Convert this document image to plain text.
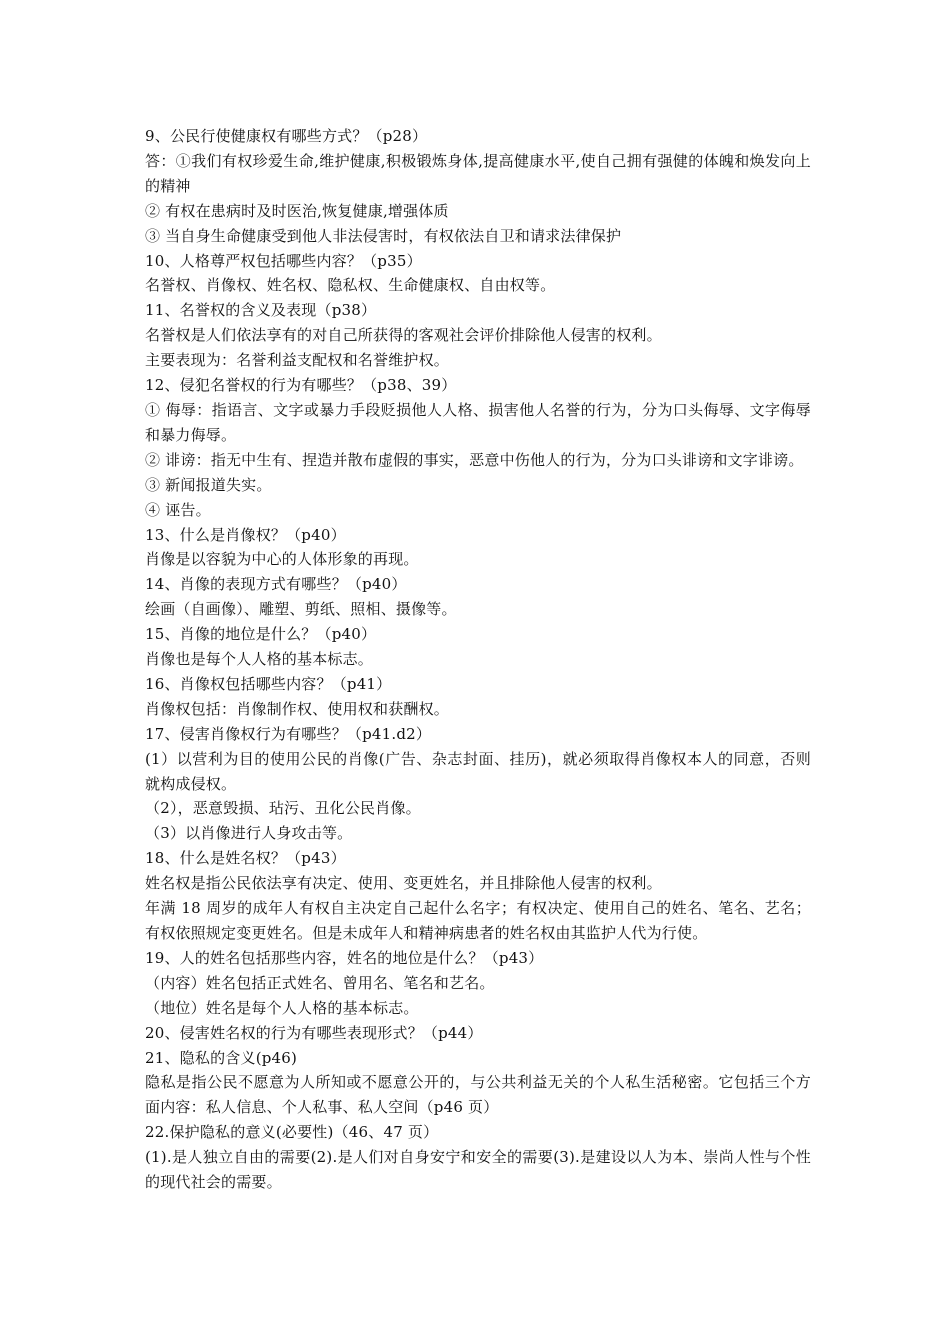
9、公民行使健康权有哪些方式？（p28）

答：①我们有权珍爱生命,维护健康,积极锻炼身体,提高健康水平,使自己拥有强健的体魄和焕发向上的精神

② 有权在患病时及时医治,恢复健康,增强体质

③ 当自身生命健康受到他人非法侵害时，有权依法自卫和请求法律保护

10、人格尊严权包括哪些内容？（p35）

名誉权、肖像权、姓名权、隐私权、生命健康权、自由权等。

11、名誉权的含义及表现（p38）

名誉权是人们依法享有的对自己所获得的客观社会评价排除他人侵害的权利。

主要表现为：名誉利益支配权和名誉维护权。

12、侵犯名誉权的行为有哪些？（p38、39）

① 侮辱：指语言、文字或暴力手段贬损他人人格、损害他人名誉的行为，分为口头侮辱、文字侮辱和暴力侮辱。

② 诽谤：指无中生有、捏造并散布虚假的事实，恶意中伤他人的行为，分为口头诽谤和文字诽谤。

③ 新闻报道失实。

④ 诬告。

13、什么是肖像权？（p40）

肖像是以容貌为中心的人体形象的再现。

14、肖像的表现方式有哪些？（p40）

绘画（自画像）、雕塑、剪纸、照相、摄像等。

15、肖像的地位是什么？（p40）

肖像也是每个人人格的基本标志。

16、肖像权包括哪些内容？（p41）

肖像权包括：肖像制作权、使用权和获酬权。

17、侵害肖像权行为有哪些？（p41.d2）

(1）以营利为目的使用公民的肖像(广告、杂志封面、挂历)，就必须取得肖像权本人的同意，否则就构成侵权。

（2），恶意毁损、玷污、丑化公民肖像。

（3）以肖像进行人身攻击等。

18、什么是姓名权？（p43）

姓名权是指公民依法享有决定、使用、变更姓名，并且排除他人侵害的权利。

年满 18 周岁的成年人有权自主决定自己起什么名字；有权决定、使用自己的姓名、笔名、艺名；有权依照规定变更姓名。但是未成年人和精神病患者的姓名权由其监护人代为行使。

19、人的姓名包括那些内容，姓名的地位是什么？（p43）

（内容）姓名包括正式姓名、曾用名、笔名和艺名。

（地位）姓名是每个人人格的基本标志。

20、侵害姓名权的行为有哪些表现形式？（p44）

21、隐私的含义(p46)

隐私是指公民不愿意为人所知或不愿意公开的，与公共利益无关的个人私生活秘密。它包括三个方面内容：私人信息、个人私事、私人空间（p46 页）

22.保护隐私的意义(必要性)（46、47 页）

(1).是人独立自由的需要(2).是人们对自身安宁和安全的需要(3).是建设以人为本、崇尚人性与个性的现代社会的需要。
